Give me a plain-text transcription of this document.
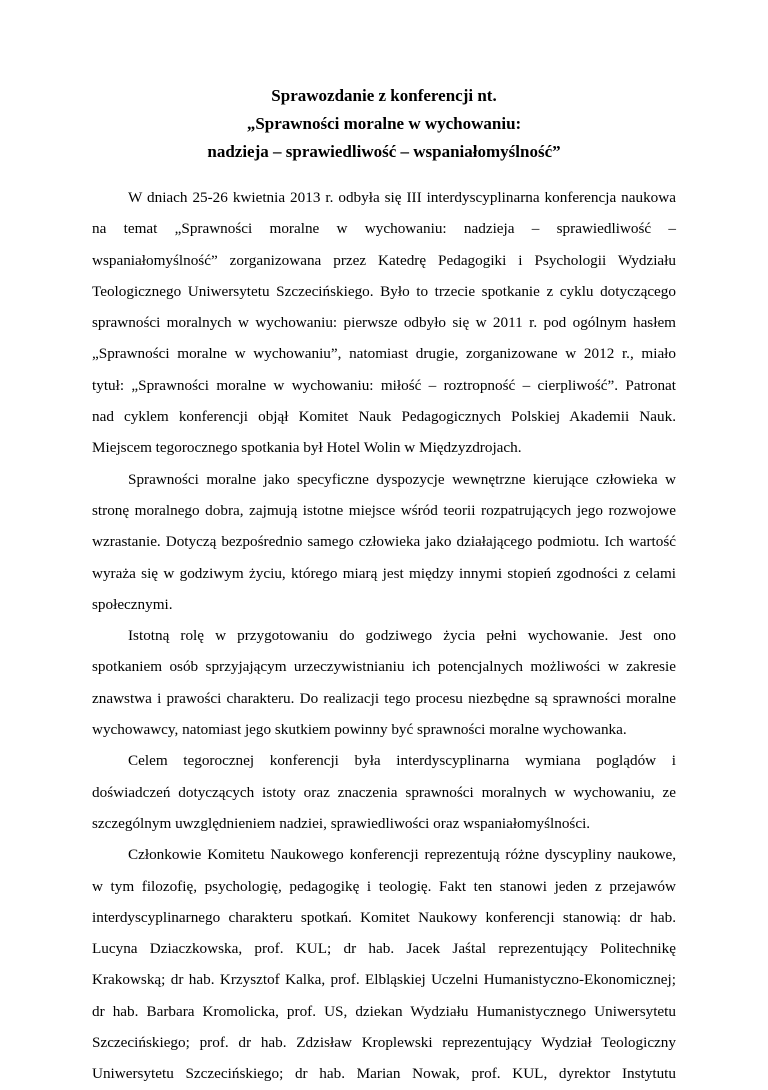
Sprawozdanie z konferencji nt.
„Sprawności moralne w wychowaniu:
nadzieja – sprawiedliwość – wspaniałomyślność”
W dniach 25-26 kwietnia 2013 r. odbyła się III interdyscyplinarna konferencja naukowa
na temat „Sprawności moralne w wychowaniu: nadzieja – sprawiedliwość –
wspaniałomyślność” zorganizowana przez Katedrę Pedagogiki i Psychologii Wydziału
Teologicznego Uniwersytetu Szczecińskiego. Było to trzecie spotkanie z cyklu dotyczącego
sprawności moralnych w wychowaniu: pierwsze odbyło się w 2011 r. pod ogólnym hasłem
„Sprawności moralne w wychowaniu”, natomiast drugie, zorganizowane w 2012 r., miało
tytuł: „Sprawności moralne w wychowaniu: miłość – roztropność – cierpliwość”. Patronat
nad cyklem konferencji objął Komitet Nauk Pedagogicznych Polskiej Akademii Nauk.
Miejscem tegorocznego spotkania był Hotel Wolin w Międzyzdrojach.
Sprawności moralne jako specyficzne dyspozycje wewnętrzne kierujące człowieka w
stronę moralnego dobra, zajmują istotne miejsce wśród teorii rozpatrujących jego rozwojowe
wzrastanie. Dotyczą bezpośrednio samego człowieka jako działającego podmiotu. Ich wartość
wyraża się w godziwym życiu, którego miarą jest między innymi stopień zgodności z celami
społecznymi.
Istotną rolę w przygotowaniu do godziwego życia pełni wychowanie. Jest ono
spotkaniem osób sprzyjającym urzeczywistnianiu ich potencjalnych możliwości w zakresie
znawstwa i prawości charakteru. Do realizacji tego procesu niezbędne są sprawności moralne
wychowawcy, natomiast jego skutkiem powinny być sprawności moralne wychowanka.
Celem tegorocznej konferencji była interdyscyplinarna wymiana poglądów i
doświadczeń dotyczących istoty oraz znaczenia sprawności moralnych w wychowaniu, ze
szczególnym uwzględnieniem nadziei, sprawiedliwości oraz wspaniałomyślności.
Członkowie Komitetu Naukowego konferencji reprezentują różne dyscypliny naukowe,
w tym filozofię, psychologię, pedagogikę i teologię. Fakt ten stanowi jeden z przejawów
interdyscyplinarnego charakteru spotkań. Komitet Naukowy konferencji stanowią: dr hab.
Lucyna Dziaczkowska, prof. KUL; dr hab. Jacek Jaśtal reprezentujący Politechnikę
Krakowską; dr hab. Krzysztof Kalka, prof. Elbląskiej Uczelni Humanistyczno-Ekonomicznej;
dr hab. Barbara Kromolicka, prof. US, dziekan Wydziału Humanistycznego Uniwersytetu
Szczecińskiego; prof. dr hab. Zdzisław Kroplewski reprezentujący Wydział Teologiczny
Uniwersytetu Szczecińskiego; dr hab. Marian Nowak, prof. KUL, dyrektor Instytutu
